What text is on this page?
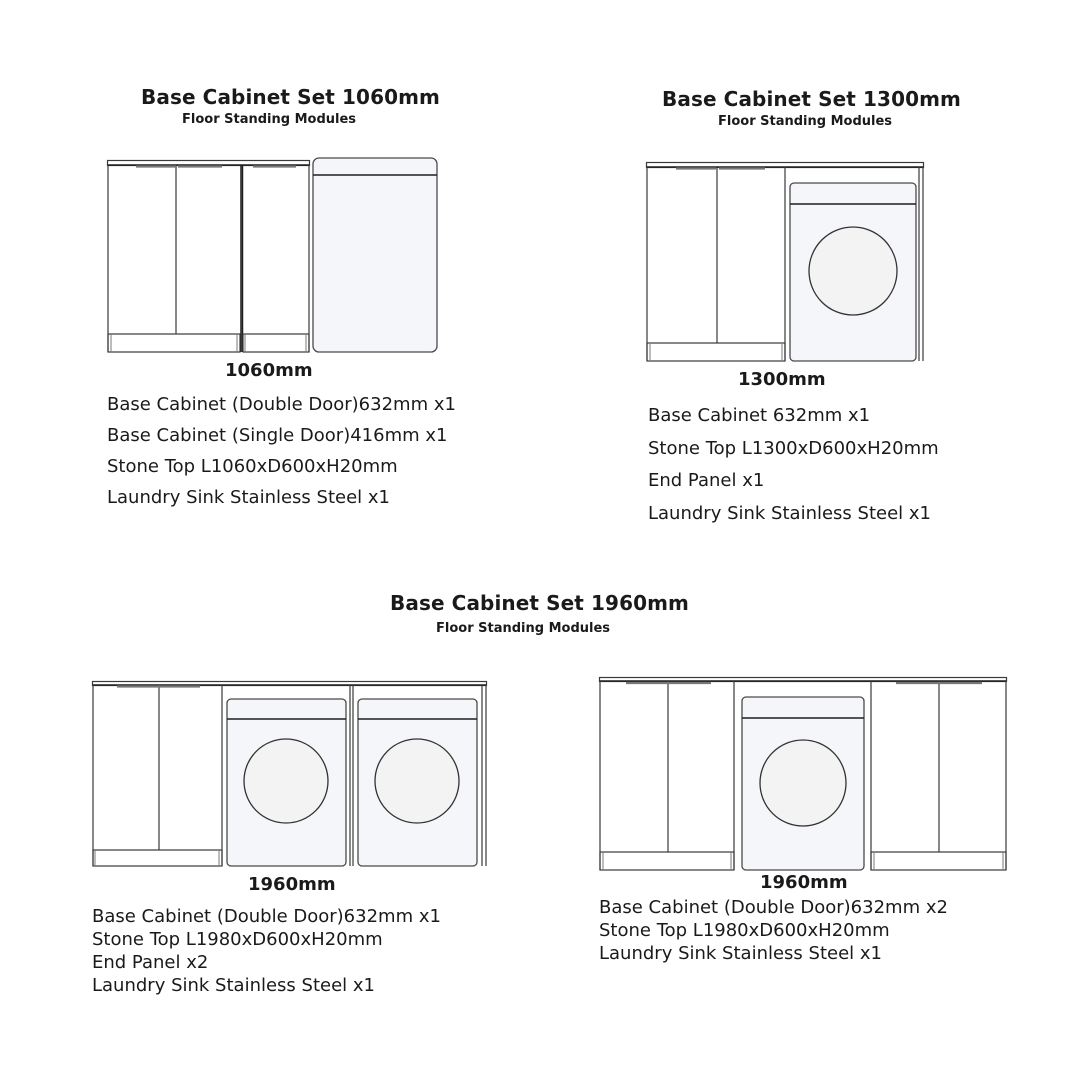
Base Cabinet Set 1060mm
Floor Standing Modules
1060mm
Base Cabinet (Double Door)632mm x1
Base Cabinet (Single Door)416mm x1
Stone Top L1060xD600xH20mm
Laundry Sink Stainless Steel x1
Base Cabinet Set 1300mm
Floor Standing Modules
1300mm
Base Cabinet 632mm x1
Stone Top L1300xD600xH20mm
End Panel x1
Laundry Sink Stainless Steel x1
Base Cabinet Set 1960mm
Floor Standing Modules
1960mm
Base Cabinet (Double Door)632mm x1
Stone Top L1980xD600xH20mm
End Panel x2
Laundry Sink Stainless Steel x1
1960mm
Base Cabinet (Double Door)632mm x2
Stone Top L1980xD600xH20mm
Laundry Sink Stainless Steel x1
